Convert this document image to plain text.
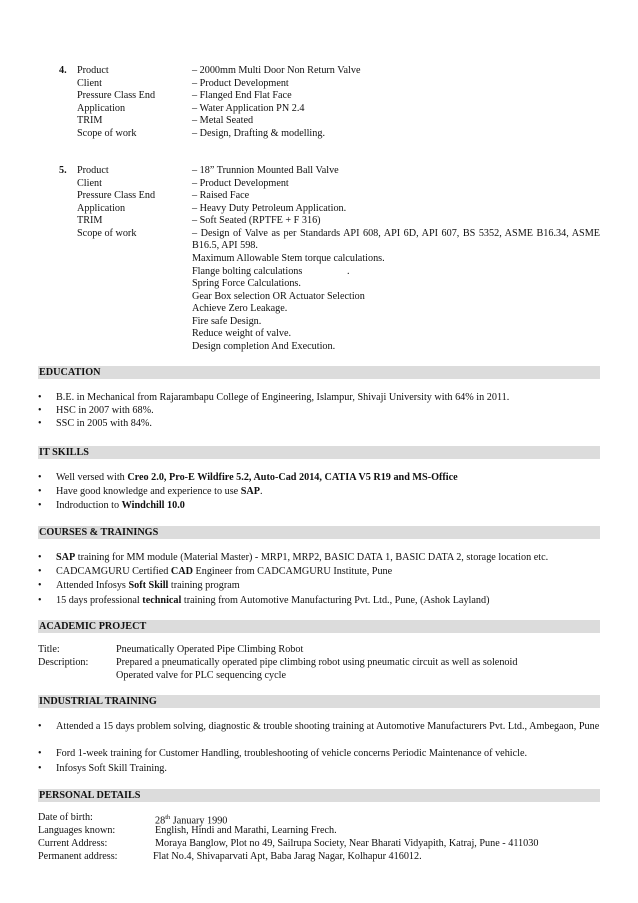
4. Product	– 2000mm Multi Door Non Return Valve
Client	– Product Development
Pressure Class End	– Flanged End Flat Face
Application	– Water Application PN 2.4
TRIM	– Metal Seated
Scope of work	– Design, Drafting & modelling.
5. Product	– 18” Trunnion Mounted Ball Valve
Client	– Product Development
Pressure Class End	– Raised Face
Application	– Heavy Duty Petroleum Application.
TRIM	– Soft Seated (RPTFE + F 316)
Scope of work	– Design of Valve as per Standards API 608, API 6D, API 607, BS 5352, ASME B16.34, ASME B16.5, API 598.
Maximum Allowable Stem torque calculations.
Flange bolting calculations	.
Spring Force Calculations.
Gear Box selection OR Actuator Selection
Achieve Zero Leakage.
Fire safe Design.
Reduce weight of valve.
Design completion And Execution.
EDUCATION
• B.E. in Mechanical from Rajarambapu College of Engineering, Islampur, Shivaji University with 64% in 2011.
• HSC in 2007 with 68%.
• SSC in 2005 with 84%.
IT SKILLS
• Well versed with Creo 2.0, Pro-E Wildfire 5.2, Auto-Cad 2014, CATIA V5 R19 and MS-Office
• Have good knowledge and experience to use SAP.
• Indroduction to Windchill 10.0
COURSES & TRAININGS
• SAP training for MM module (Material Master) - MRP1, MRP2, BASIC DATA 1, BASIC DATA 2, storage location etc.
• CADCAMGURU Certified CAD Engineer from CADCAMGURU Institute, Pune
• Attended Infosys Soft Skill training program
• 15 days professional technical training from Automotive Manufacturing Pvt. Ltd., Pune, (Ashok Layland)
ACADEMIC PROJECT
Title:	Pneumatically Operated Pipe Climbing Robot
Description:	Prepared a pneumatically operated pipe climbing robot using pneumatic circuit as well as solenoid
Operated valve for PLC sequencing cycle
INDUSTRIAL TRAINING
• Attended a 15 days problem solving, diagnostic & trouble shooting training at Automotive Manufacturers Pvt. Ltd., Ambegaon, Pune
• Ford 1-week training for Customer Handling, troubleshooting of vehicle concerns Periodic Maintenance of vehicle.
• Infosys Soft Skill Training.
PERSONAL DETAILS
Date of birth:	28th January 1990
Languages known:	English, Hindi and Marathi, Learning Frech.
Current Address:	Moraya Banglow, Plot no 49, Sailrupa Society, Near Bharati Vidyapith, Katraj, Pune - 411030
Permanent address:	Flat No.4, Shivaparvati Apt, Baba Jarag Nagar, Kolhapur 416012.
